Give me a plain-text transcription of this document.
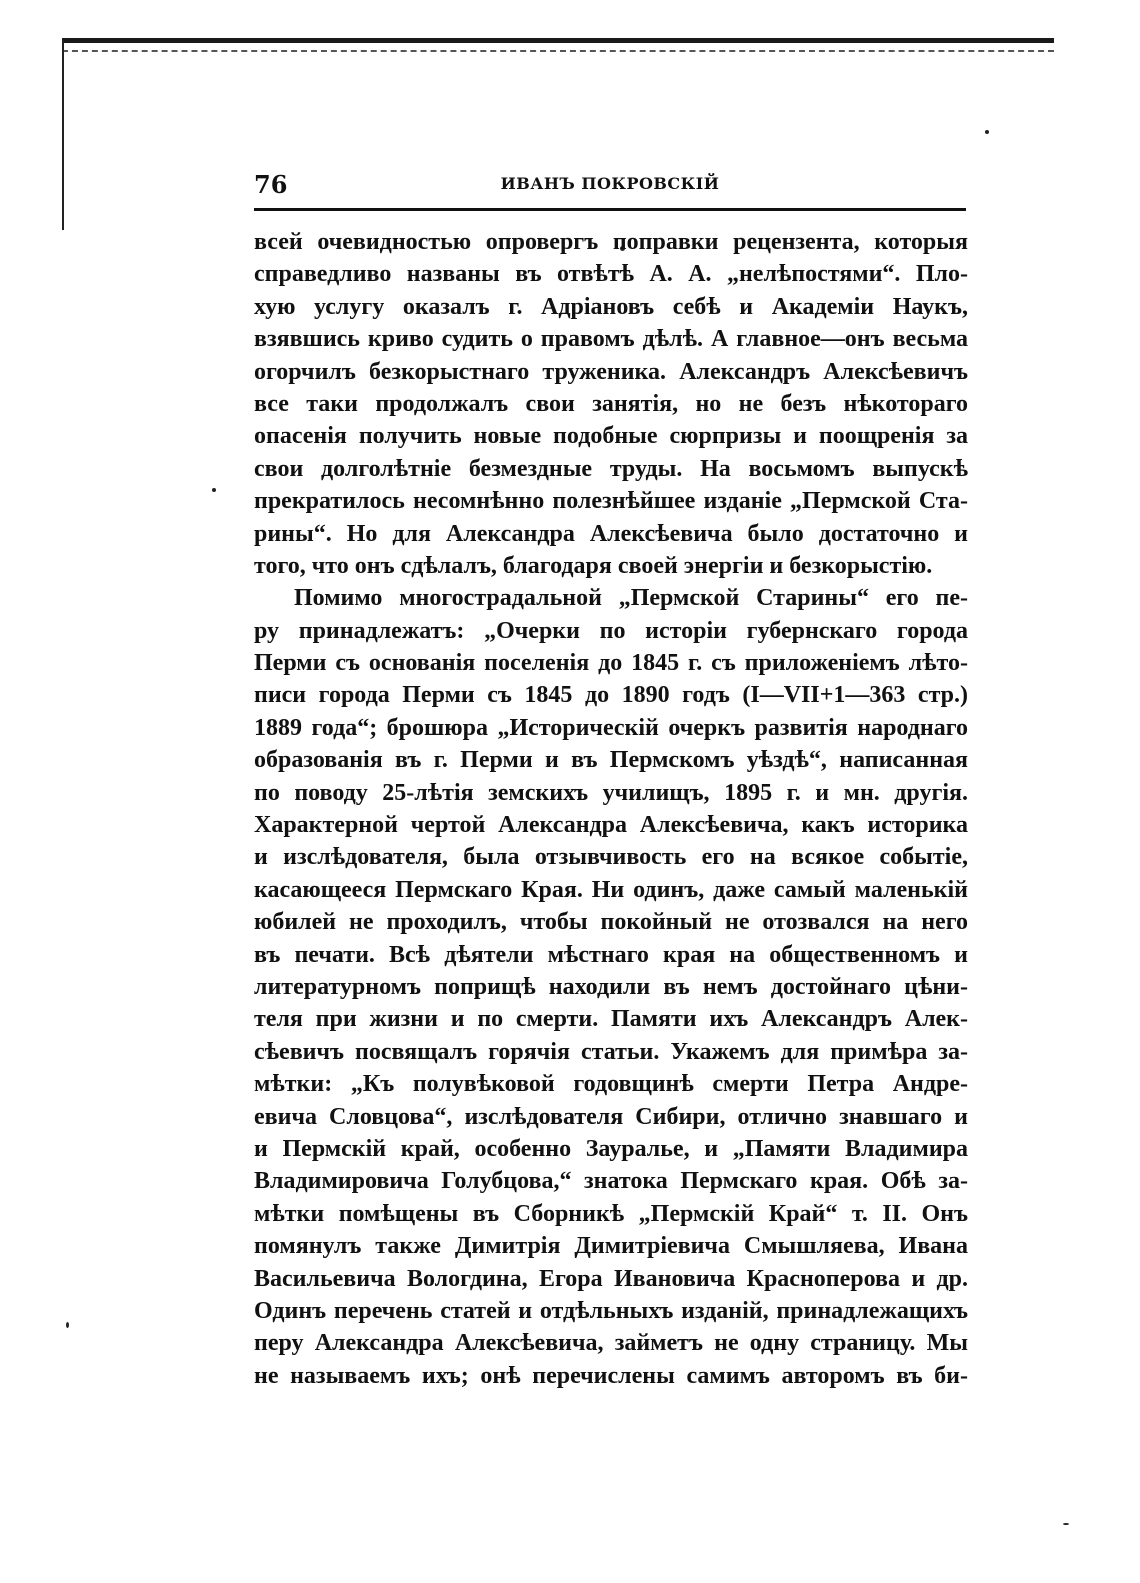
76	ИВАНЪ ПОКРОВСКІЙ
всей очевидностью опровергъ поправки рецензента, которыя
справедливо названы въ отвѣтѣ А. А. „нелѣпостями“. Пло-
хую услугу оказалъ г. Адріановъ себѣ и Академіи Наукъ,
взявшись криво судить о правомъ дѣлѣ. А главное—онъ весьма
огорчилъ безкорыстнаго труженика. Александръ Алексѣевичъ
все таки продолжалъ свои занятія, но не безъ нѣкотораго
опасенія получить новые подобные сюрпризы и поощренія за
свои долголѣтніе безмездные труды. На восьмомъ выпускѣ
прекратилось несомнѣнно полезнѣйшее изданіе „Пермской Ста-
рины“. Но для Александра Алексѣевича было достаточно и
того, что онъ сдѣлалъ, благодаря своей энергіи и безкорыстію.
Помимо многострадальной „Пермской Старины“ его пе-
ру принадлежатъ: „Очерки по исторіи губернскаго города
Перми съ основанія поселенія до 1845 г. съ приложеніемъ лѣто-
писи города Перми съ 1845 до 1890 годъ (I—VII+1—363 стр.)
1889 года“; брошюра „Историческій очеркъ развитія народнаго
образованія въ г. Перми и въ Пермскомъ уѣздѣ“, написанная
по поводу 25-лѣтія земскихъ училищъ, 1895 г. и мн. другія.
Характерной чертой Александра Алексѣевича, какъ историка
и изслѣдователя, была отзывчивость его на всякое событіе,
касающееся Пермскаго Края. Ни одинъ, даже самый маленькій
юбилей не проходилъ, чтобы покойный не отозвался на него
въ печати. Всѣ дѣятели мѣстнаго края на общественномъ и
литературномъ поприщѣ находили въ немъ достойнаго цѣни-
теля при жизни и по смерти. Памяти ихъ Александръ Алек-
сѣевичъ посвящалъ горячія статьи. Укажемъ для примѣра за-
мѣтки: „Къ полувѣковой годовщинѣ смерти Петра Андре-
евича Словцова“, изслѣдователя Сибири, отлично знавшаго и
и Пермскій край, особенно Зауралье, и „Памяти Владимира
Владимировича Голубцова,“ знатока Пермскаго края. Обѣ за-
мѣтки помѣщены въ Сборникѣ „Пермскій Край“ т. II. Онъ
помянулъ также Димитрія Димитріевича Смышляева, Ивана
Васильевича Вологдина, Егора Ивановича Красноперова и др.
Одинъ перечень статей и отдѣльныхъ изданій, принадлежащихъ
перу Александра Алексѣевича, займетъ не одну страницу. Мы
не называемъ ихъ; онѣ перечислены самимъ авторомъ въ би-
